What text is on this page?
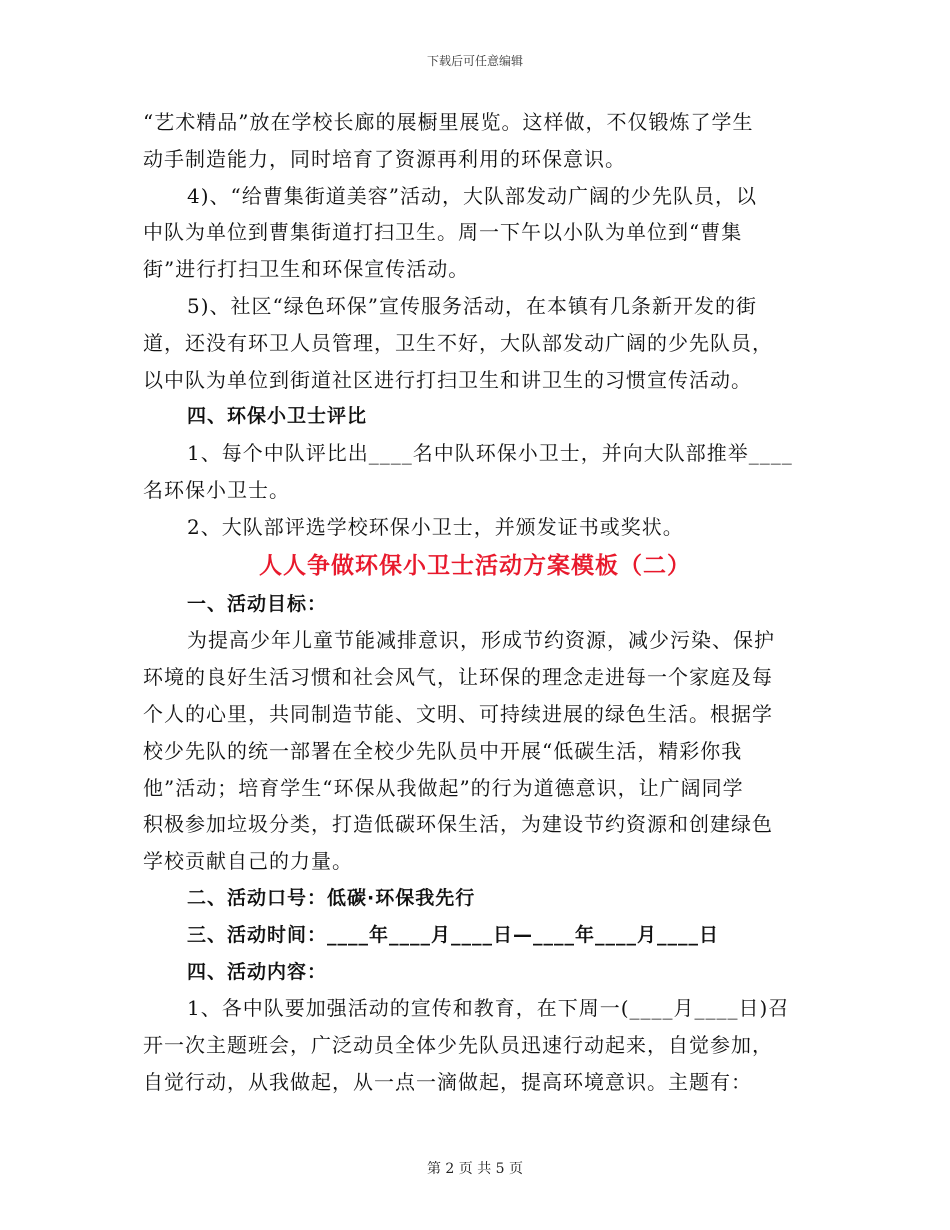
下载后可任意编辑
“艺术精品”放在学校长廊的展橱里展览。这样做，不仅锻炼了学生
动手制造能力，同时培育了资源再利用的环保意识。
4)、“给曹集街道美容”活动，大队部发动广阔的少先队员，以
中队为单位到曹集街道打扫卫生。周一下午以小队为单位到“曹集
街”进行打扫卫生和环保宣传活动。
5)、社区“绿色环保”宣传服务活动，在本镇有几条新开发的街
道，还没有环卫人员管理，卫生不好，大队部发动广阔的少先队员，
以中队为单位到街道社区进行打扫卫生和讲卫生的习惯宣传活动。
四、环保小卫士评比
1、每个中队评比出____名中队环保小卫士，并向大队部推举____
名环保小卫士。
2、大队部评选学校环保小卫士，并颁发证书或奖状。
人人争做环保小卫士活动方案模板（二）
一、活动目标：
为提高少年儿童节能减排意识，形成节约资源，减少污染、保护
环境的良好生活习惯和社会风气，让环保的理念走进每一个家庭及每
个人的心里，共同制造节能、文明、可持续进展的绿色生活。根据学
校少先队的统一部署在全校少先队员中开展“低碳生活，精彩你我
他”活动；培育学生“环保从我做起”的行为道德意识，让广阔同学
积极参加垃圾分类，打造低碳环保生活，为建设节约资源和创建绿色
学校贡献自己的力量。
二、活动口号：低碳·环保我先行
三、活动时间：____年____月____日—____年____月____日
四、活动内容：
1、各中队要加强活动的宣传和教育，在下周一(____月____日)召
开一次主题班会，广泛动员全体少先队员迅速行动起来，自觉参加，
自觉行动，从我做起，从一点一滴做起，提高环境意识。主题有：
第 2 页 共 5 页
